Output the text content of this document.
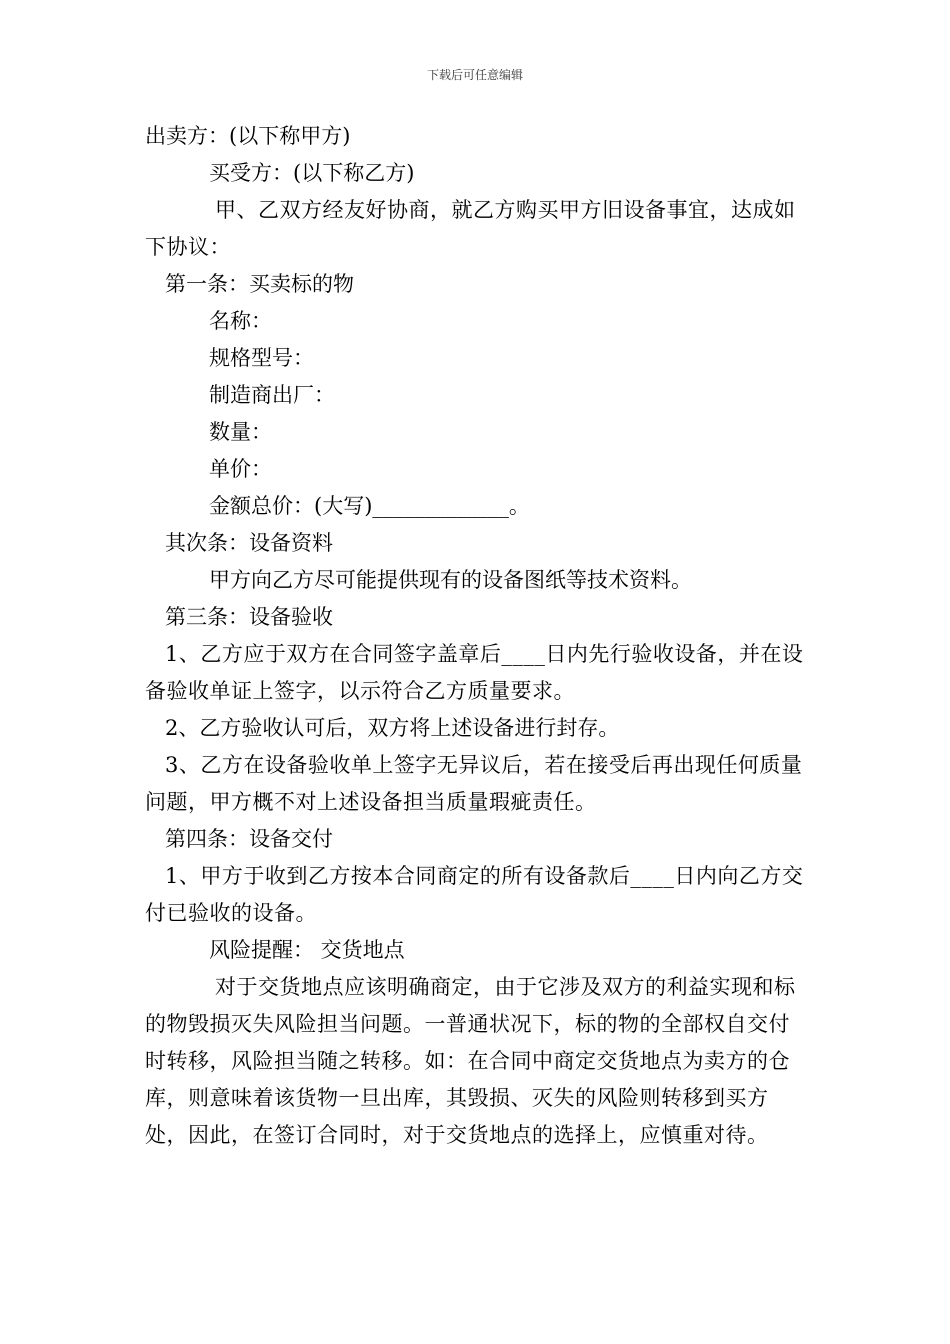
下载后可任意编辑
出卖方：(以下称甲方)
买受方：(以下称乙方)
甲、乙双方经友好协商，就乙方购买甲方旧设备事宜，达成如下协议：
第一条：买卖标的物
名称：
规格型号：
制造商出厂：
数量：
单价：
金额总价：(大写)_____________。
其次条：设备资料
甲方向乙方尽可能提供现有的设备图纸等技术资料。
第三条：设备验收
1、乙方应于双方在合同签字盖章后____日内先行验收设备，并在设备验收单证上签字，以示符合乙方质量要求。
2、乙方验收认可后，双方将上述设备进行封存。
3、乙方在设备验收单上签字无异议后，若在接受后再出现任何质量问题，甲方概不对上述设备担当质量瑕疵责任。
第四条：设备交付
1、甲方于收到乙方按本合同商定的所有设备款后____日内向乙方交付已验收的设备。
风险提醒： 交货地点
对于交货地点应该明确商定，由于它涉及双方的利益实现和标的物毁损灭失风险担当问题。一普通状况下，标的物的全部权自交付时转移，风险担当随之转移。如：在合同中商定交货地点为卖方的仓库，则意味着该货物一旦出库，其毁损、灭失的风险则转移到买方处，因此，在签订合同时，对于交货地点的选择上，应慎重对待。
